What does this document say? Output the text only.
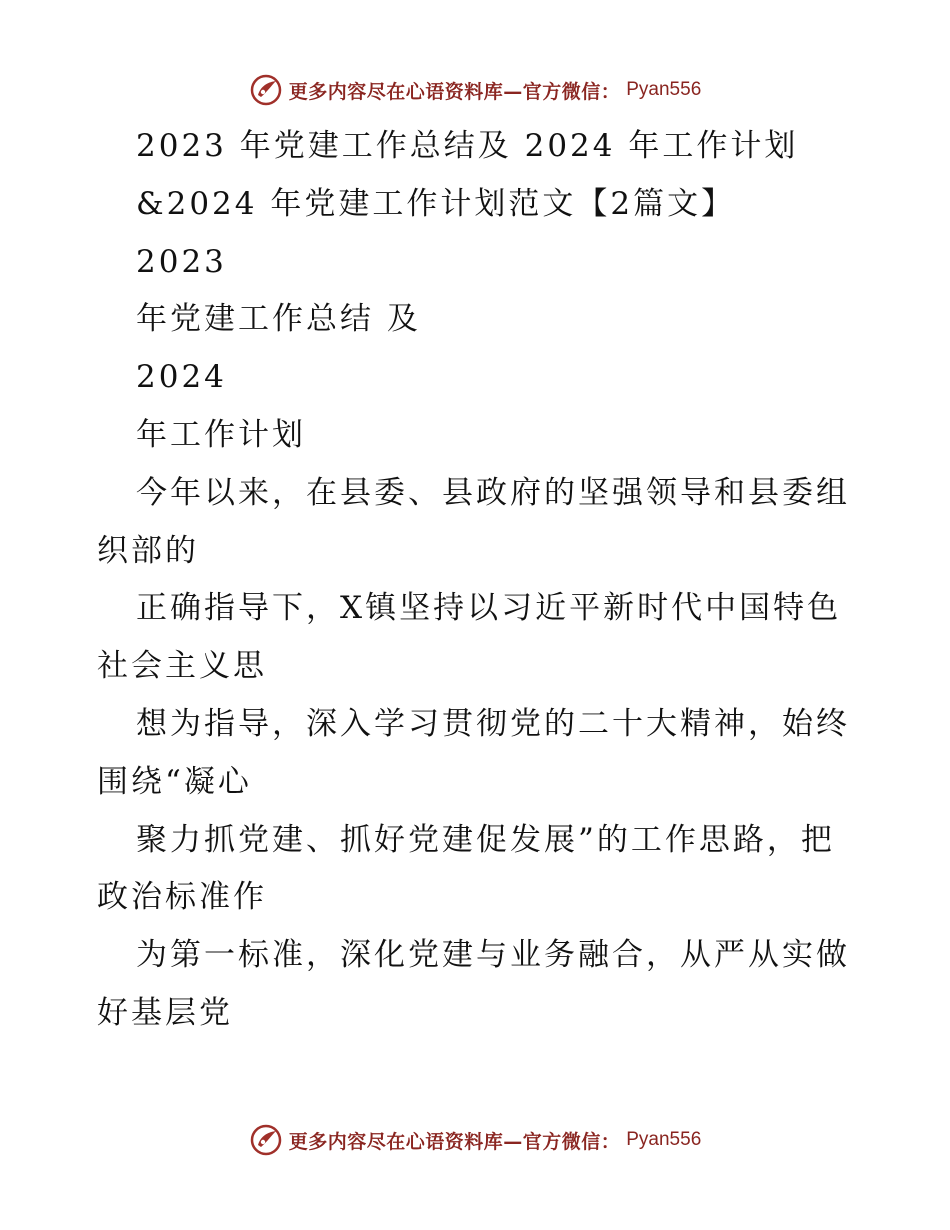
更多内容尽在心语资料库—官方微信： Pyan556
2023 年党建工作总结及 2024 年工作计划
&2024 年党建工作计划范文【2篇文】
2023
年党建工作总结 及
2024
年工作计划
今年以来，在县委、县政府的坚强领导和县委组
织部的
正确指导下，X镇坚持以习近平新时代中国特色
社会主义思
想为指导，深入学习贯彻党的二十大精神，始终
围绕“凝心
聚力抓党建、抓好党建促发展”的工作思路，把
政治标准作
为第一标准，深化党建与业务融合，从严从实做
好基层党
更多内容尽在心语资料库—官方微信： Pyan556
